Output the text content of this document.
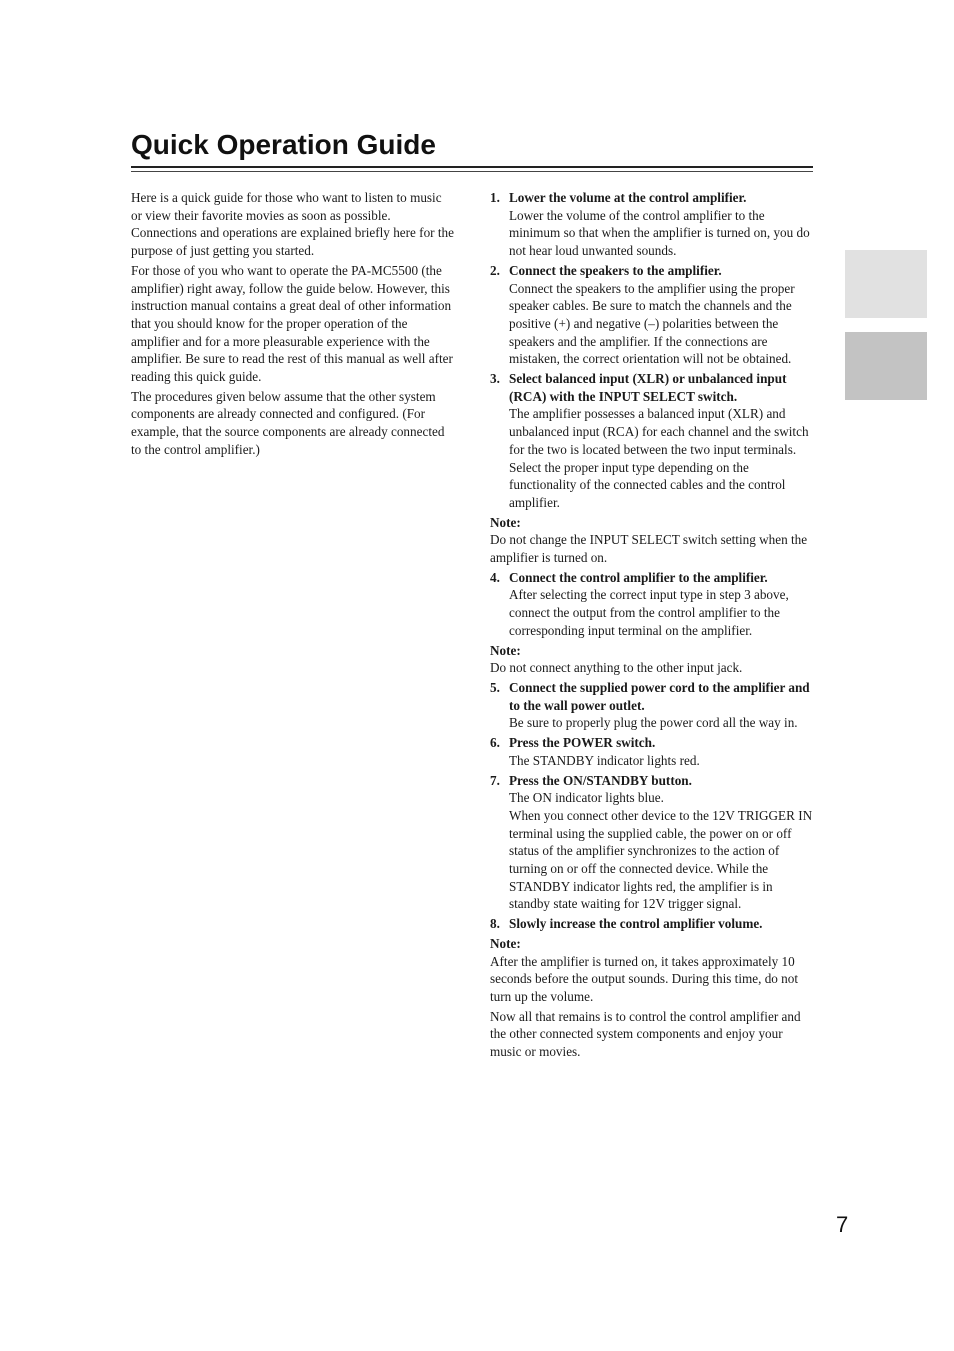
Quick Operation Guide

Here is a quick guide for those who want to listen to music or view their favorite movies as soon as possible. Connections and operations are explained briefly here for the purpose of just getting you started.

For those of you who want to operate the PA-MC5500 (the amplifier) right away, follow the guide below. However, this instruction manual contains a great deal of other information that you should know for the proper operation of the amplifier and for a more pleasurable experience with the amplifier. Be sure to read the rest of this manual as well after reading this quick guide.

The procedures given below assume that the other system components are already connected and configured. (For example, that the source components are already connected to the control amplifier.)

1. Lower the volume at the control amplifier.
Lower the volume of the control amplifier to the minimum so that when the amplifier is turned on, you do not hear loud unwanted sounds.
2. Connect the speakers to the amplifier.
Connect the speakers to the amplifier using the proper speaker cables. Be sure to match the channels and the positive (+) and negative (–) polarities between the speakers and the amplifier. If the connections are mistaken, the correct orientation will not be obtained.
3. Select balanced input (XLR) or unbalanced input (RCA) with the INPUT SELECT switch.
The amplifier possesses a balanced input (XLR) and unbalanced input (RCA) for each channel and the switch for the two is located between the two input terminals. Select the proper input type depending on the functionality of the connected cables and the control amplifier.
Note:
Do not change the INPUT SELECT switch setting when the amplifier is turned on.
4. Connect the control amplifier to the amplifier.
After selecting the correct input type in step 3 above, connect the output from the control amplifier to the corresponding input terminal on the amplifier.
Note:
Do not connect anything to the other input jack.
5. Connect the supplied power cord to the amplifier and to the wall power outlet.
Be sure to properly plug the power cord all the way in.
6. Press the POWER switch.
The STANDBY indicator lights red.
7. Press the ON/STANDBY button.
The ON indicator lights blue.
When you connect other device to the 12V TRIGGER IN terminal using the supplied cable, the power on or off status of the amplifier synchronizes to the action of turning on or off the connected device. While the STANDBY indicator lights red, the amplifier is in standby state waiting for 12V trigger signal.
8. Slowly increase the control amplifier volume.
Note:
After the amplifier is turned on, it takes approximately 10 seconds before the output sounds. During this time, do not turn up the volume.

Now all that remains is to control the control amplifier and the other connected system components and enjoy your music or movies.

7
